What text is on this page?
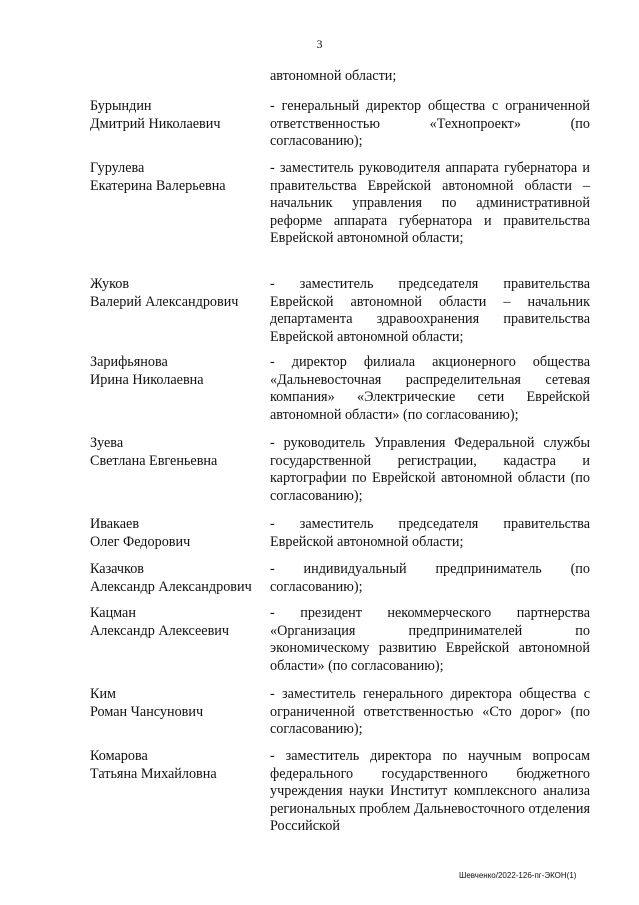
3
автономной области;
Бурындин
Дмитрий Николаевич
- генеральный директор общества с ограниченной ответственностью «Технопроект» (по согласованию);
Гурулева
Екатерина Валерьевна
- заместитель руководителя аппарата губернатора и правительства Еврейской автономной области – начальник управления по административной реформе аппарата губернатора и правительства Еврейской автономной области;
Жуков
Валерий Александрович
- заместитель председателя правительства Еврейской автономной области – начальник департамента здравоохранения правительства Еврейской автономной области;
Зарифьянова
Ирина Николаевна
- директор филиала акционерного общества «Дальневосточная распределительная сетевая компания» «Электрические сети Еврейской автономной области» (по согласованию);
Зуева
Светлана Евгеньевна
- руководитель Управления Федеральной службы государственной регистрации, кадастра и картографии по Еврейской автономной области (по согласованию);
Ивакаев
Олег Федорович
- заместитель председателя правительства Еврейской автономной области;
Казачков
Александр Александрович
- индивидуальный предприниматель (по согласованию);
Кацман
Александр Алексеевич
- президент некоммерческого партнерства «Организация предпринимателей по экономическому развитию Еврейской автономной области» (по согласованию);
Ким
Роман Чансунович
- заместитель генерального директора общества с ограниченной ответственностью «Сто дорог» (по согласованию);
Комарова
Татьяна Михайловна
- заместитель директора по научным вопросам федерального государственного бюджетного учреждения науки Институт комплексного анализа региональных проблем Дальневосточного отделения Российской
Шевченко/2022-126-пг-ЭКОН(1)
